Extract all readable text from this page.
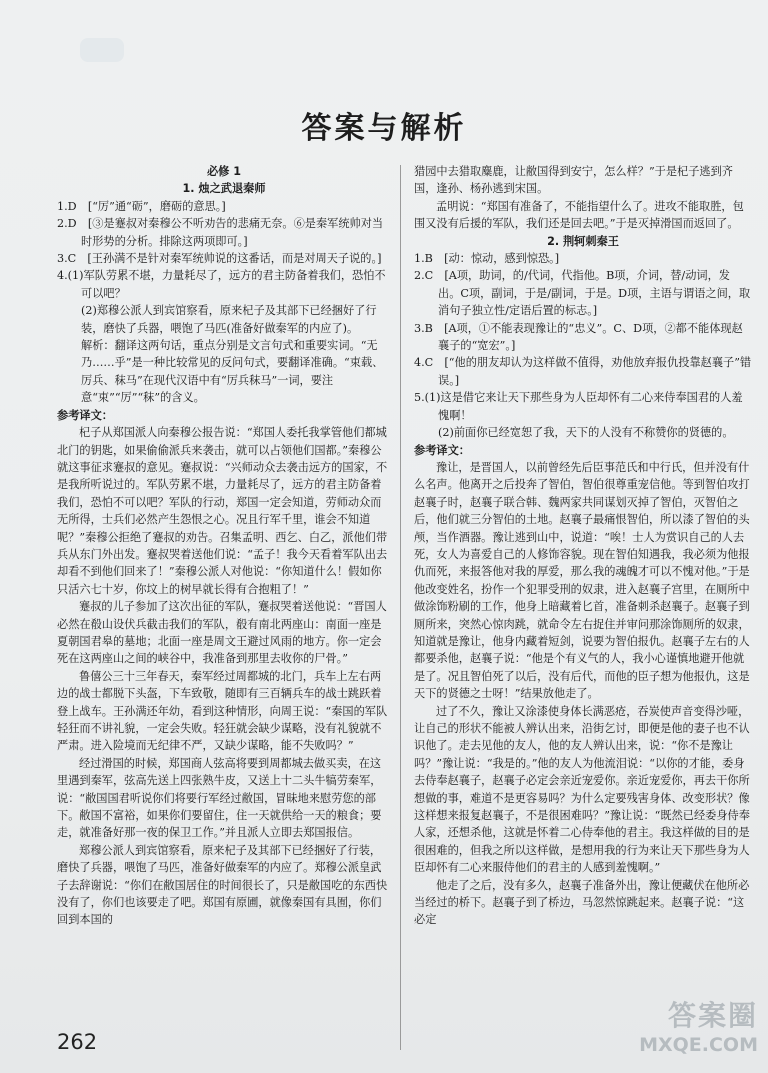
答案与解析

必修 1

1. 烛之武退秦师

1.D　[“厉”通“砺”，磨砺的意思。]

2.D　[③是蹇叔对秦穆公不听劝告的悲痛无奈。⑥是秦军统帅对当时形势的分析。排除这两项即可。]

3.C　[王孙满不是针对秦军统帅说的这番话，而是对周天子说的。]

4.(1)军队劳累不堪，力量耗尽了，远方的君主防备着我们，恐怕不可以吧？

(2)郑穆公派人到宾馆察看，原来杞子及其部下已经捆好了行装，磨快了兵器，喂饱了马匹(准备好做秦军的内应了)。

解析：翻译这两句话，重点分别是文言句式和重要实词。“无乃……乎”是一种比较常见的反问句式，要翻译准确。“束载、厉兵、秣马”在现代汉语中有“厉兵秣马”一词，要注意“束”“厉”“秣”的含义。

参考译文：

杞子从郑国派人向秦穆公报告说：“郑国人委托我掌管他们都城北门的钥匙，如果偷偷派兵来袭击，就可以占领他们国都。”秦穆公就这事征求蹇叔的意见。蹇叔说：“兴师动众去袭击远方的国家，不是我所听说过的。军队劳累不堪，力量耗尽了，远方的君主防备着我们，恐怕不可以吧？军队的行动，郑国一定会知道，劳师动众而无所得，士兵们必然产生怨恨之心。况且行军千里，谁会不知道呢？”秦穆公拒绝了蹇叔的劝告。召集孟明、西乞、白乙，派他们带兵从东门外出发。蹇叔哭着送他们说：“孟子！我今天看着军队出去却看不到他们回来了！”秦穆公派人对他说：“你知道什么！假如你只活六七十岁，你坟上的树早就长得有合抱粗了！”

蹇叔的儿子参加了这次出征的军队，蹇叔哭着送他说：“晋国人必然在殽山设伏兵截击我们的军队，殽有南北两座山：南面一座是夏朝国君皋的墓地；北面一座是周文王避过风雨的地方。你一定会死在这两座山之间的峡谷中，我准备到那里去收你的尸骨。”

鲁僖公三十三年春天，秦军经过周都城的北门，兵车上左右两边的战士都脱下头盔，下车致敬，随即有三百辆兵车的战士跳跃着登上战车。王孙满还年幼，看到这种情形，向周王说：“秦国的军队轻狂而不讲礼貌，一定会失败。轻狂就会缺少谋略，没有礼貌就不严肃。进入险境而无纪律不严，又缺少谋略，能不失败吗？”

经过滑国的时候，郑国商人弦高将要到周都城去做买卖，在这里遇到秦军，弦高先送上四张熟牛皮，又送上十二头牛犒劳秦军，说：“敝国国君听说你们将要行军经过敝国，冒昧地来慰劳您的部下。敝国不富裕，如果你们要留住，住一天就供给一天的粮食；要走，就准备好那一夜的保卫工作。”并且派人立即去郑国报信。

郑穆公派人到宾馆察看，原来杞子及其部下已经捆好了行装，磨快了兵器，喂饱了马匹，准备好做秦军的内应了。郑穆公派皇武子去辞谢说：“你们在敝国居住的时间很长了，只是敝国吃的东西快没有了，你们也该要走了吧。郑国有原圃，就像秦国有具囿，你们回到本国的

猎园中去猎取麋鹿，让敝国得到安宁，怎么样？”于是杞子逃到齐国，逢孙、杨孙逃到宋国。

孟明说：“郑国有准备了，不能指望什么了。进攻不能取胜，包围又没有后援的军队，我们还是回去吧。”于是灭掉滑国而返回了。

2. 荆轲刺秦王

1.B　[动：惊动，感到惊恐。]

2.C　[A项，助词，的/代词，代指他。B项，介词，替/动词，发出。C项，副词，于是/副词，于是。D项，主语与谓语之间，取消句子独立性/定语后置的标志。]

3.B　[A项，①不能表现豫让的“忠义”。C、D项，②都不能体现赵襄子的“宽宏”。]

4.C　[“他的朋友却认为这样做不值得，劝他放弃报仇投靠赵襄子”错误。]

5.(1)这是借它来让天下那些身为人臣却怀有二心来侍奉国君的人羞愧啊！

(2)前面你已经宽恕了我，天下的人没有不称赞你的贤德的。

参考译文：

豫让，是晋国人，以前曾经先后臣事范氏和中行氏，但并没有什么名声。他离开之后投奔了智伯，智伯很尊重宠信他。等到智伯攻打赵襄子时，赵襄子联合韩、魏两家共同谋划灭掉了智伯，灭智伯之后，他们就三分智伯的土地。赵襄子最痛恨智伯，所以漆了智伯的头颅，当作酒器。豫让逃到山中，说道：“唉！士人为赏识自己的人去死，女人为喜爱自己的人修饰容貌。现在智伯知遇我，我必须为他报仇而死，来报答他对我的厚爱，那么我的魂魄才可以不愧对他。”于是他改变姓名，扮作一个犯罪受刑的奴隶，进入赵襄子宫里，在厕所中做涂饰粉刷的工作，他身上暗藏着匕首，准备刺杀赵襄子。赵襄子到厕所来，突然心惊肉跳，就命令左右捉住并审问那涂饰厕所的奴隶，知道就是豫让，他身内藏着短剑，说要为智伯报仇。赵襄子左右的人都要杀他，赵襄子说：“他是个有义气的人，我小心谨慎地避开他就是了。况且智伯死了以后，没有后代，而他的臣子想为他报仇，这是天下的贤德之士呀！”结果放他走了。

过了不久，豫让又涂漆使身体长满恶疮，吞炭使声音变得沙哑，让自己的形状不能被人辨认出来，沿街乞讨，即便是他的妻子也不认识他了。走去见他的友人，他的友人辨认出来，说：“你不是豫让吗？”豫让说：“我是的。”他的友人为他流泪说：“以你的才能，委身去侍奉赵襄子，赵襄子必定会亲近宠爱你。亲近宠爱你，再去干你所想做的事，难道不是更容易吗？为什么定要残害身体、改变形状？像这样想来报复赵襄子，不是很困难吗？”豫让说：“既然已经委身侍奉人家，还想杀他，这就是怀着二心侍奉他的君主。我这样做的目的是很困难的，但我之所以这样做，是想用我的行为来让天下那些身为人臣却怀有二心来服侍他们的君主的人感到羞愧啊。”

他走了之后，没有多久，赵襄子准备外出，豫让便藏伏在他所必当经过的桥下。赵襄子到了桥边，马忽然惊跳起来。赵襄子说：“这必定

262
答案圈
MXQE.COM
